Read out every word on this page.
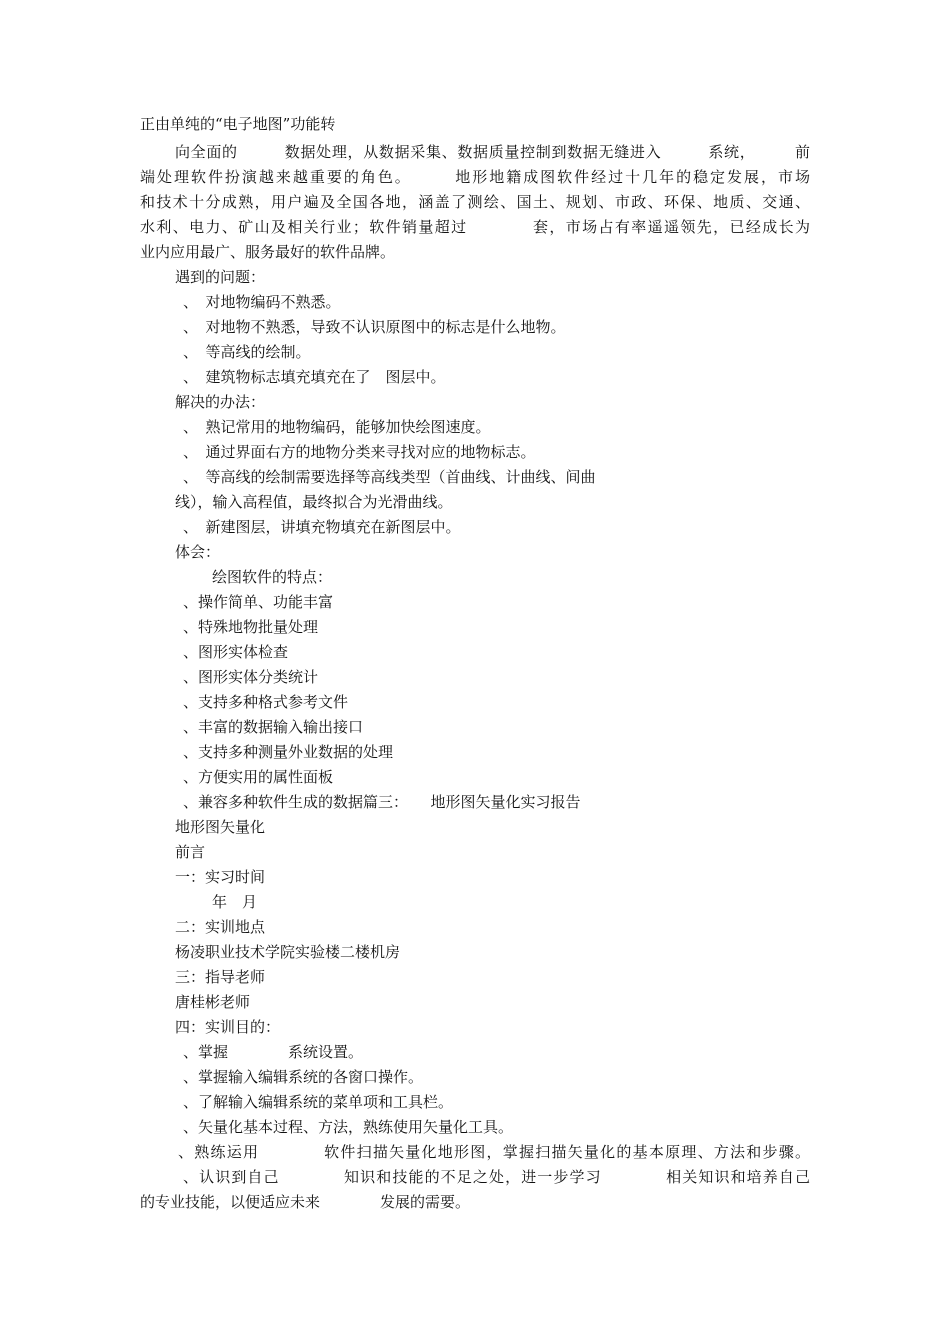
正由单纯的“电子地图”功能转
向全面的　　　数据处理，从数据采集、数据质量控制到数据无缝进入　　　系统，　　　前
端处理软件扮演越来越重要的角色。　　　地形地籍成图软件经过十几年的稳定发展，市场
和技术十分成熟，用户遍及全国各地，涵盖了测绘、国土、规划、市政、环保、地质、交通、
水利、电力、矿山及相关行业；软件销量超过　　　　套，市场占有率遥遥领先，已经成长为
业内应用最广、服务最好的软件品牌。
遇到的问题：
、　对地物编码不熟悉。
、　对地物不熟悉，导致不认识原图中的标志是什么地物。
、　等高线的绘制。
、　建筑物标志填充填充在了　图层中。
解决的办法：
、　熟记常用的地物编码，能够加快绘图速度。
、　通过界面右方的地物分类来寻找对应的地物标志。
、　等高线的绘制需要选择等高线类型（首曲线、计曲线、间曲
线），输入高程值，最终拟合为光滑曲线。
、　新建图层，讲填充物填充在新图层中。
体会：
绘图软件的特点：
、操作简单、功能丰富
、特殊地物批量处理
、图形实体检查
、图形实体分类统计
、支持多种格式参考文件
、丰富的数据输入输出接口
、支持多种测量外业数据的处理
、方便实用的属性面板
、兼容多种软件生成的数据篇三：　　地形图矢量化实习报告
地形图矢量化
前言
一：实习时间
年　月
二：实训地点
杨凌职业技术学院实验楼二楼机房
三：指导老师
唐桂彬老师
四：实训目的：
、掌握　　　　系统设置。
、掌握输入编辑系统的各窗口操作。
、了解输入编辑系统的菜单项和工具栏。
、矢量化基本过程、方法，熟练使用矢量化工具。
、熟练运用　　　　软件扫描矢量化地形图，掌握扫描矢量化的基本原理、方法和步骤。
、认识到自己　　　　知识和技能的不足之处，进一步学习　　　　相关知识和培养自己
的专业技能，以便适应未来　　　　发展的需要。
